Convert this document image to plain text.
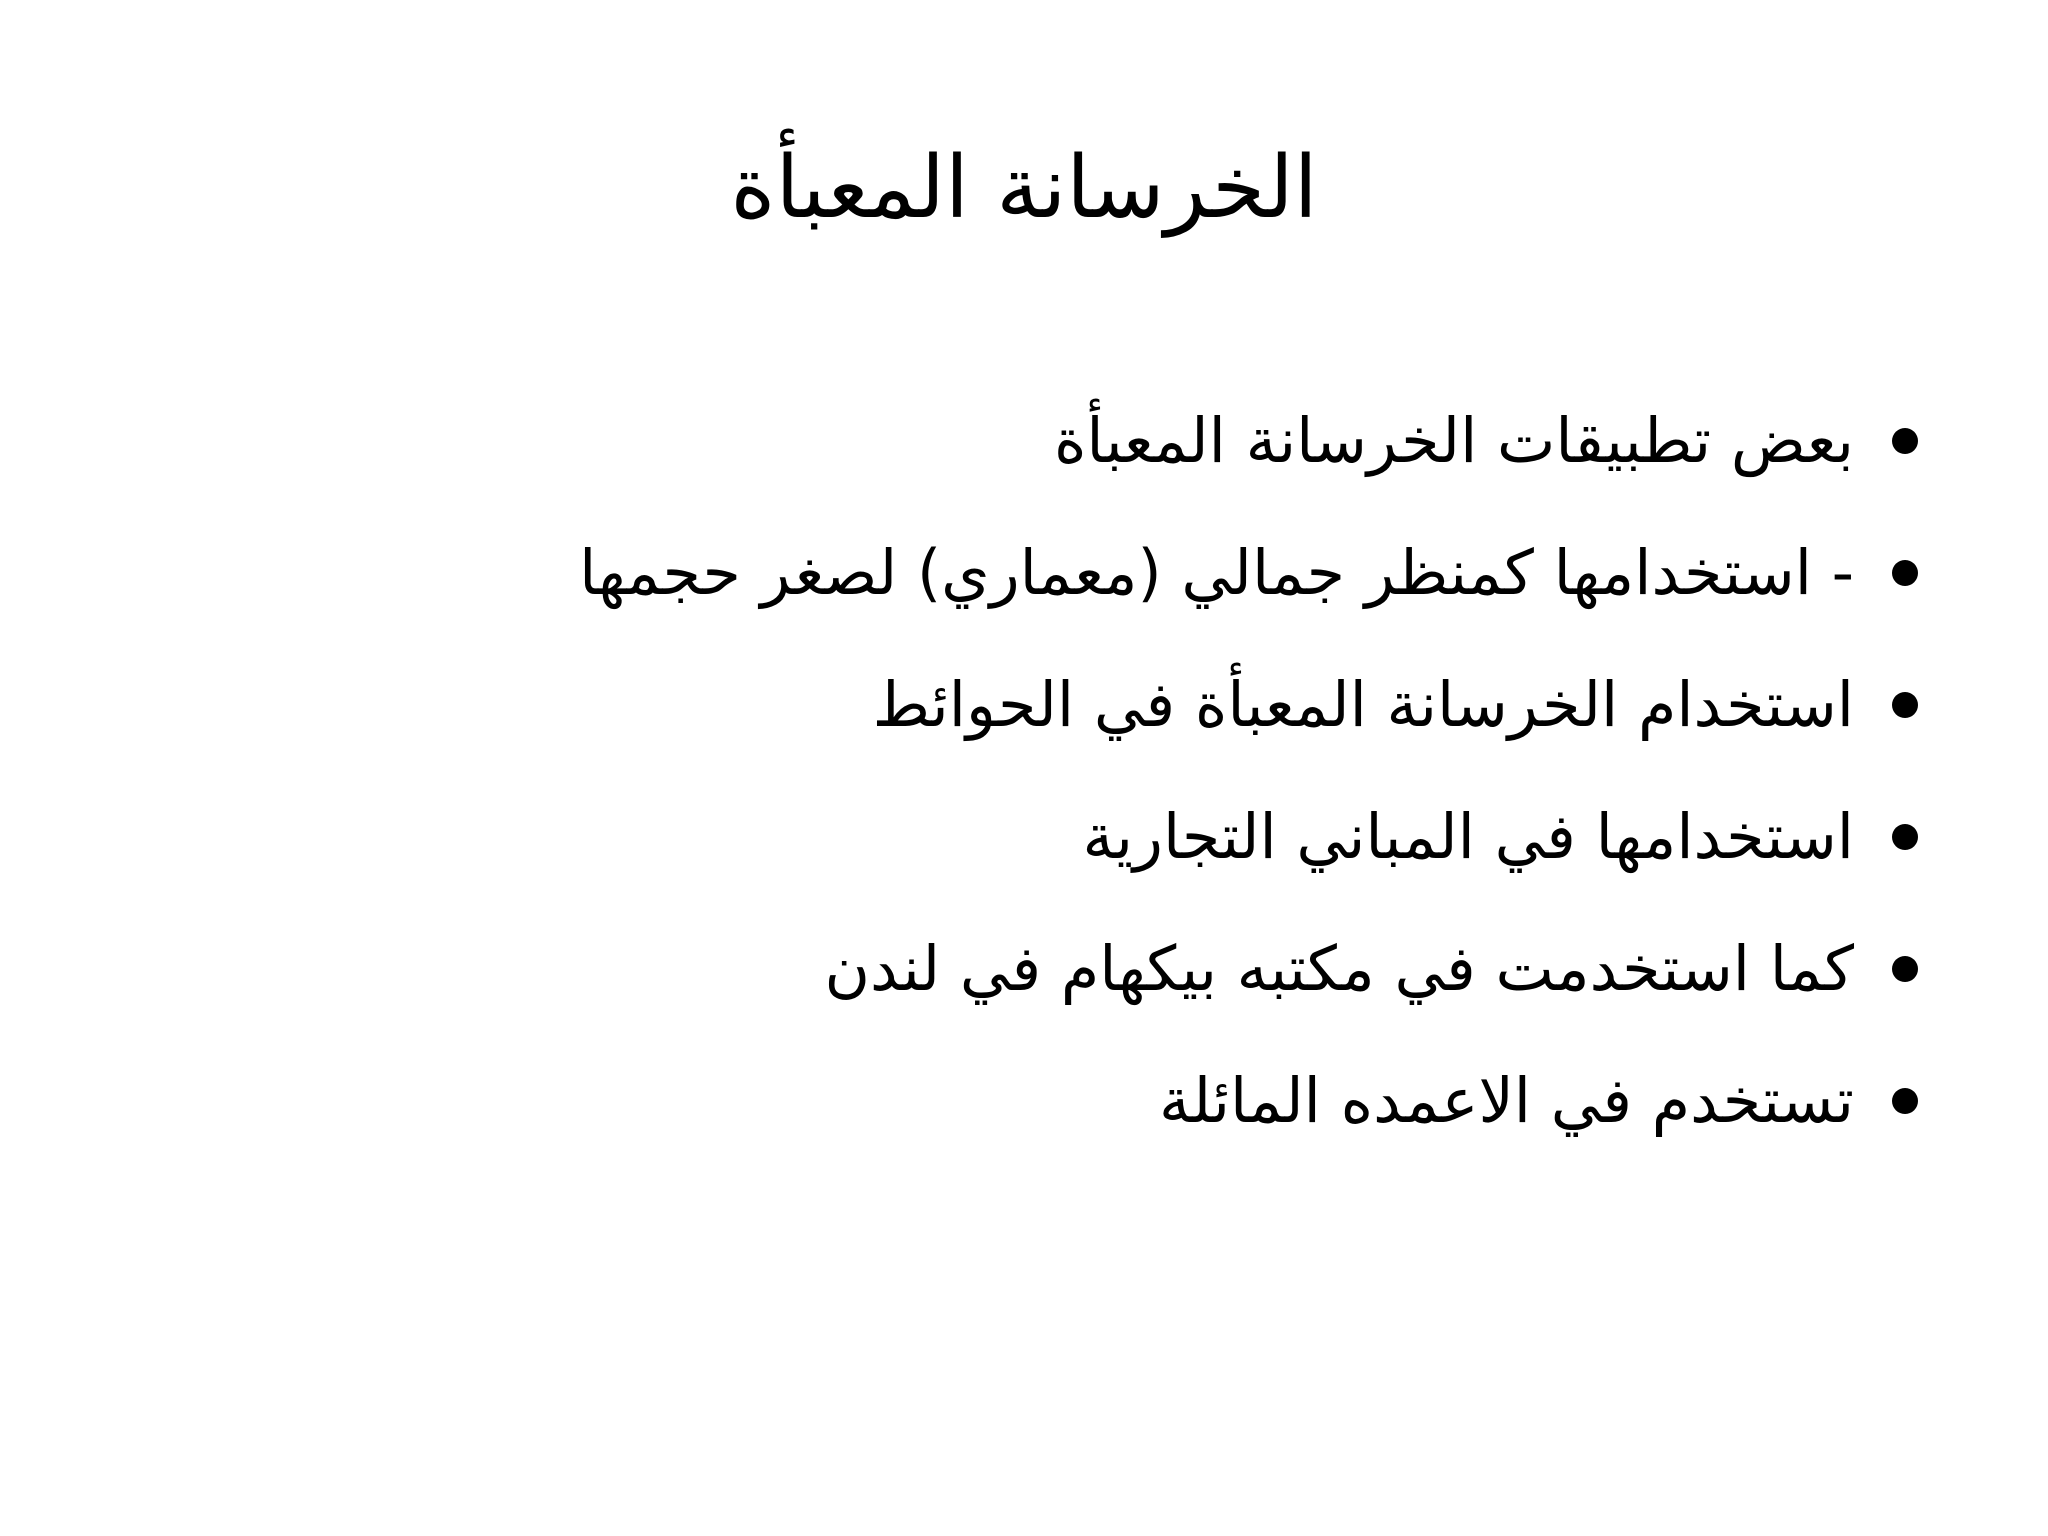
الخرسانة المعبأة
بعض تطبيقات الخرسانة المعبأة
- استخدامها كمنظر جمالي (معماري) لصغر حجمها
استخدام الخرسانة المعبأة في الحوائط
استخدامها في المباني التجارية
كما استخدمت في مكتبه بيكهام في لندن
تستخدم في الاعمده المائلة
